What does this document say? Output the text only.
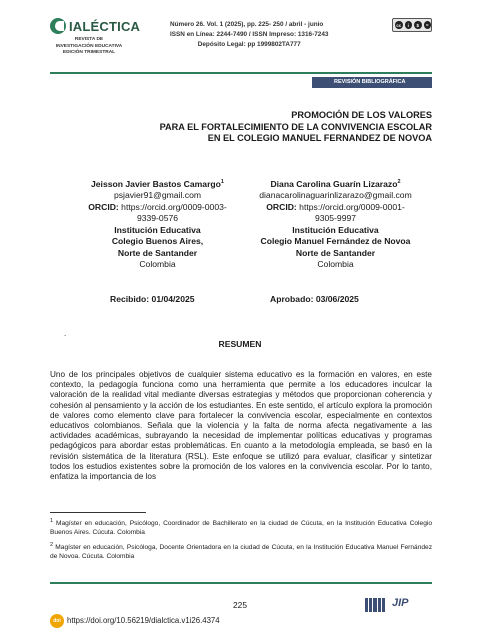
IALÉCTICA
REVISTA DE
INVESTIGACIÓN EDUCATIVA
EDICIÓN TRIMESTRAL
Número 26. Vol. 1 (2025), pp. 225- 250 / abril - junio
ISSN en Línea: 2244-7490 / ISSN Impreso: 1316-7243
Depósito Legal: pp 1999802TA777
cc	i	$	=
REVISIÓN BIBLIOGRÁFICA
PROMOCIÓN DE LOS VALORES
PARA EL FORTALECIMIENTO DE LA CONVIVENCIA ESCOLAR
EN EL COLEGIO MANUEL FERNANDEZ DE NOVOA
Jeisson Javier Bastos Camargo$^1$
psjavier91@gmail.com
ORCID: https://orcid.org/0009-0003-
9339-0576
Institución Educativa
Colegio Buenos Aires,
Norte de Santander
Colombia
Diana Carolina Guarín Lizarazo$^2$
dianacarolinaguarinlizarazo@gmail.com
ORCID: https://orcid.org/0009-0001-
9305-9997
Institución Educativa
Colegio Manuel Fernández de Novoa
Norte de Santander
Colombia
Recibido: 01/04/2025	Aprobado: 03/06/2025
.
RESUMEN
Uno de los principales objetivos de cualquier sistema educativo es la formación en valores, en este contexto, la pedagogía funciona como una herramienta que permite a los educadores inculcar la valoración de la realidad vital mediante diversas estrategias y métodos que proporcionan coherencia y cohesión al pensamiento y la acción de los estudiantes. En este sentido, el artículo explora la promoción de valores como elemento clave para fortalecer la convivencia escolar, especialmente en contextos educativos colombianos. Señala que la violencia y la falta de norma afecta negativamente a las actividades académicas, subrayando la necesidad de implementar políticas educativas y programas pedagógicos para abordar estas problemáticas. En cuanto a la metodología empleada, se basó en la revisión sistemática de la literatura (RSL). Este enfoque se utilizó para evaluar, clasificar y sintetizar todos los estudios existentes sobre la promoción de los valores en la convivencia escolar. Por lo tanto, enfatiza la importancia de los
$^1$ Magíster en educación, Psicólogo, Coordinador de Bachillerato en la ciudad de Cúcuta, en la Institución Educativa Colegio Buenos Aires. Cúcuta. Colombia
$^2$ Magíster en educación, Psicóloga, Docente Orientadora en la ciudad de Cúcuta, en la Institución Educativa Manuel Fernández de Novoa. Cúcuta. Colombia
225
doi https://doi.org/10.56219/dialctica.v1i26.4374
JIP
